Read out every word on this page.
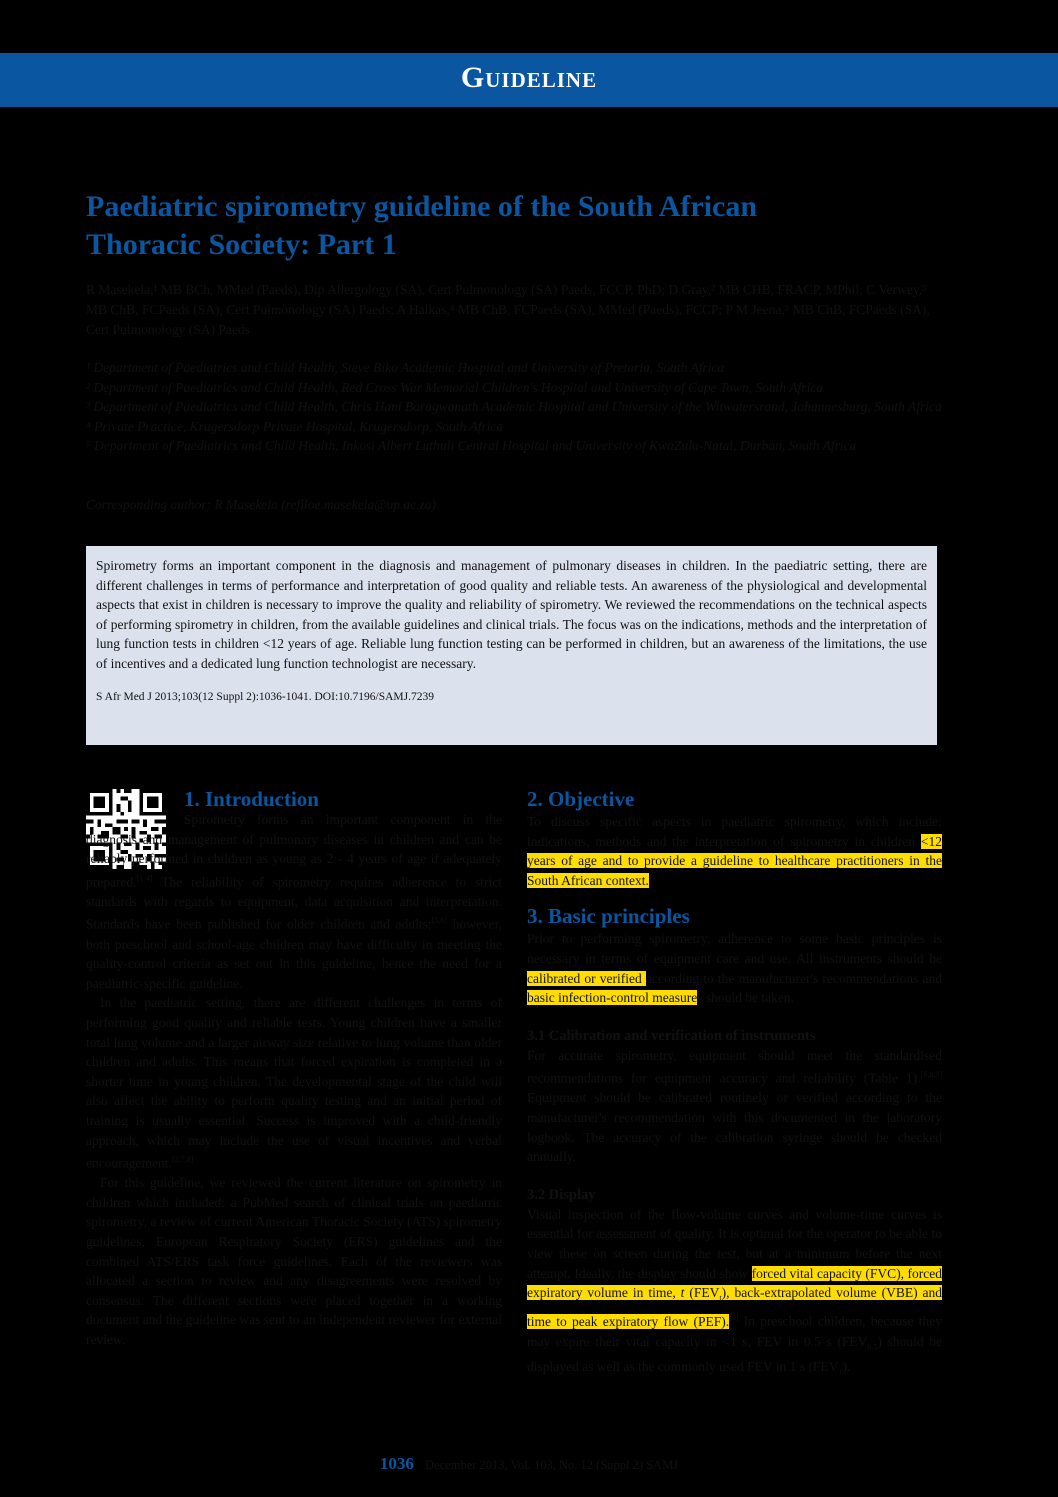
Guideline
Paediatric spirometry guideline of the South African Thoracic Society: Part 1
R Masekela,¹ MB BCh, MMed (Paeds), Dip Allergology (SA), Cert Pulmonology (SA) Paeds, FCCP, PhD; D Gray,² MB CHB, FRACP, MPhil; C Verwey,³ MB ChB, FCPaeds (SA), Cert Pulmonology (SA) Paeds; A Halkas,⁴ MB ChB, FCPaeds (SA), MMed (Paeds), FCCP; P M Jeena,⁵ MB ChB, FCPaeds (SA), Cert Pulmonology (SA) Paeds

¹ Department of Paediatrics and Child Health, Steve Biko Academic Hospital and University of Pretoria, South Africa

² Department of Paediatrics and Child Health, Red Cross War Memorial Children's Hospital and University of Cape Town, South Africa

³ Department of Paediatrics and Child Health, Chris Hani Baragwanath Academic Hospital and University of the Witwatersrand, Johannesburg, South Africa

⁴ Private Practice, Krugersdorp Private Hospital, Krugersdorp, South Africa

⁵ Department of Paediatrics and Child Health, Inkosi Albert Luthuli Central Hospital and University of KwaZulu-Natal, Durban, South Africa

Corresponding author: R Masekela (refiloe.masekela@up.ac.za)

Spirometry forms an important component in the diagnosis and management of pulmonary diseases in children. In the paediatric setting, there are different challenges in terms of performance and interpretation of good quality and reliable tests. An awareness of the physiological and developmental aspects that exist in children is necessary to improve the quality and reliability of spirometry. We reviewed the recommendations on the technical aspects of performing spirometry in children, from the available guidelines and clinical trials. The focus was on the indications, methods and the interpretation of lung function tests in children <12 years of age. Reliable lung function testing can be performed in children, but an awareness of the limitations, the use of incentives and a dedicated lung function technologist are necessary.

S Afr Med J 2013;103(12 Suppl 2):1036-1041. DOI:10.7196/SAMJ.7239
1. Introduction

Spirometry forms an important component in the diagnosis and management of pulmonary diseases in children and can be reliably performed in children as young as 2 - 4 years of age if adequately prepared.[1-4] The reliability of spirometry requires adherence to strict standards with regards to equipment, data acquisition and interpretation. Standards have been published for older children and adults;[5,6] however, both preschool and school-age children may have difficulty in meeting the quality-control criteria as set out in this guideline, hence the need for a paediatric-specific guideline.

In the paediatric setting, there are different challenges in terms of performing good quality and reliable tests. Young children have a smaller total lung volume and a larger airway size relative to lung volume than older children and adults. This means that forced expiration is completed in a shorter time in young children. The developmental stage of the child will also affect the ability to perform quality testing and an initial period of training is usually essential. Success is improved with a child-friendly approach, which may include the use of visual incentives and verbal encouragement.[2,7,8]

For this guideline, we reviewed the current literature on spirometry in children which included: a PubMed search of clinical trials on paediatric spirometry, a review of current American Thoracic Society (ATS) spirometry guidelines, European Respiratory Society (ERS) guidelines and the combined ATS/ERS task force guidelines. Each of the reviewers was allocated a section to review and any disagreements were resolved by consensus. The different sections were placed together in a working document and the guideline was sent to an independent reviewer for external review.

2. Objective

To discuss specific aspects in paediatric spirometry, which include: indications, methods and the interpretation of spirometry in children <12 years of age and to provide a guideline to healthcare practitioners in the South African context.

3. Basic principles

Prior to performing spirometry, adherence to some basic principles is necessary in terms of equipment care and use. All instruments should be calibrated or verified according to the manufacturer's recommendations and basic infection-control measures should be taken.

3.1 Calibration and verification of instruments

For accurate spirometry, equipment should meet the standardised recommendations for equipment accuracy and reliability (Table 1).[6,8,9] Equipment should be calibrated routinely or verified according to the manufacturer's recommendation with this documented in the laboratory logbook. The accuracy of the calibration syringe should be checked annually.

3.2 Display

Visual inspection of the flow-volume curves and volume-time curves is essential for assessment of quality. It is optimal for the operator to be able to view these on screen during the test, but at a minimum before the next attempt. Ideally, the display should show forced vital capacity (FVC), forced expiratory volume in time, t $(FEV_t)$, back-extrapolated volume (VBE) and time to peak expiratory flow (PEF).[4] In preschool children, because they may expire their vital capacity in <1 s, FEV in 0.5 s $(FEV_{0.5})$ should be displayed as well as the commonly used FEV in 1 s $(FEV_1)$.

1036 December 2013, Vol. 103, No. 12 (Suppl 2) SAMJ
